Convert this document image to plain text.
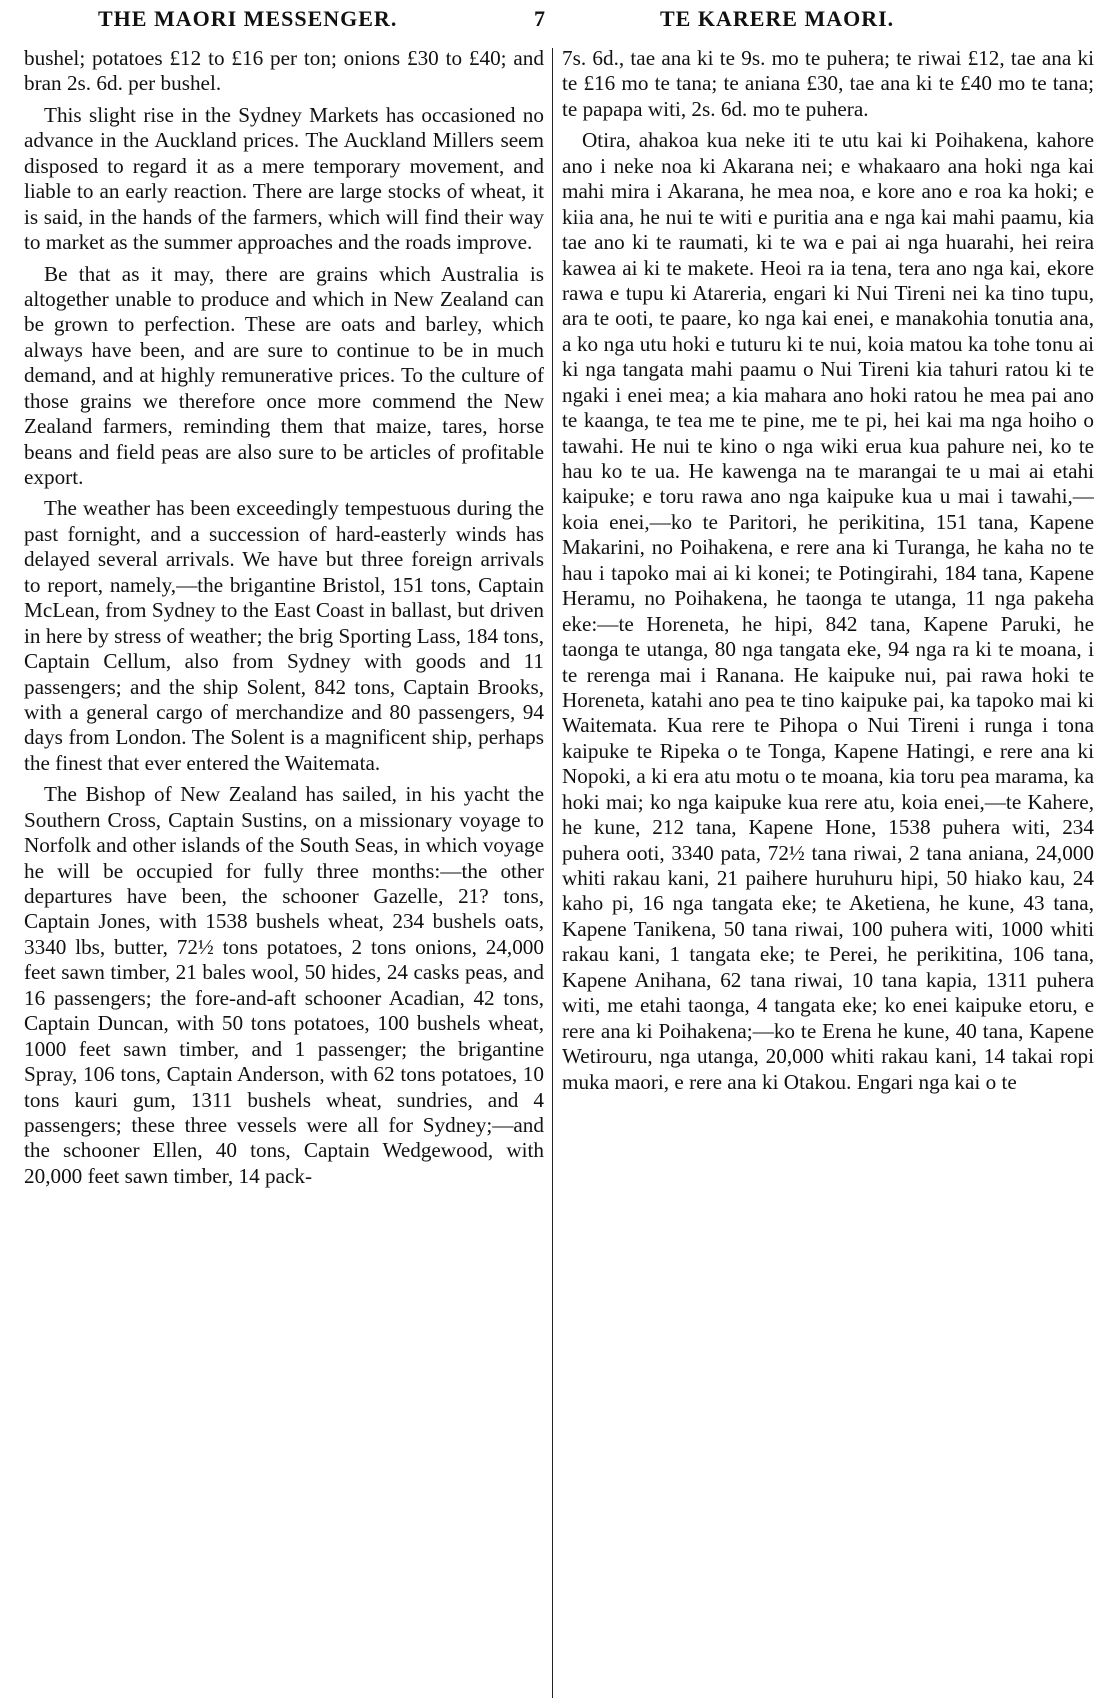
THE MAORI MESSENGER.	7	TE KARERE MAORI.

bushel; potatoes £12 to £16 per ton; onions £30 to £40; and bran 2s. 6d. per bushel.

This slight rise in the Sydney Markets has occasioned no advance in the Auckland prices. The Auckland Millers seem disposed to regard it as a mere temporary movement, and liable to an early reaction. There are large stocks of wheat, it is said, in the hands of the farmers, which will find their way to market as the summer approaches and the roads improve.

Be that as it may, there are grains which Australia is altogether unable to produce and which in New Zealand can be grown to perfection. These are oats and barley, which always have been, and are sure to continue to be in much demand, and at highly remunerative prices. To the culture of those grains we therefore once more commend the New Zealand farmers, reminding them that maize, tares, horse beans and field peas are also sure to be articles of profitable export.

The weather has been exceedingly tempestuous during the past fornight, and a succession of hard-easterly winds has delayed several arrivals. We have but three foreign arrivals to report, namely,—the brigantine Bristol, 151 tons, Captain McLean, from Sydney to the East Coast in ballast, but driven in here by stress of weather; the brig Sporting Lass, 184 tons, Captain Cellum, also from Sydney with goods and 11 passengers; and the ship Solent, 842 tons, Captain Brooks, with a general cargo of merchandize and 80 passengers, 94 days from London. The Solent is a magnificent ship, perhaps the finest that ever entered the Waitemata.

The Bishop of New Zealand has sailed, in his yacht the Southern Cross, Captain Sustins, on a missionary voyage to Norfolk and other islands of the South Seas, in which voyage he will be occupied for fully three months:—the other departures have been, the schooner Gazelle, 21? tons, Captain Jones, with 1538 bushels wheat, 234 bushels oats, 3340 lbs, butter, 72½ tons potatoes, 2 tons onions, 24,000 feet sawn timber, 21 bales wool, 50 hides, 24 casks peas, and 16 passengers; the fore-and-aft schooner Acadian, 42 tons, Captain Duncan, with 50 tons potatoes, 100 bushels wheat, 1000 feet sawn timber, and 1 passenger; the brigantine Spray, 106 tons, Captain Anderson, with 62 tons potatoes, 10 tons kauri gum, 1311 bushels wheat, sundries, and 4 passengers; these three vessels were all for Sydney;—and the schooner Ellen, 40 tons, Captain Wedgewood, with 20,000 feet sawn timber, 14 pack-

7s. 6d., tae ana ki te 9s. mo te puhera; te riwai £12, tae ana ki te £16 mo te tana; te aniana £30, tae ana ki te £40 mo te tana; te papapa witi, 2s. 6d. mo te puhera.

Otira, ahakoa kua neke iti te utu kai ki Poihakena, kahore ano i neke noa ki Akarana nei; e whakaaro ana hoki nga kai mahi mira i Akarana, he mea noa, e kore ano e roa ka hoki; e kiia ana, he nui te witi e puritia ana e nga kai mahi paamu, kia tae ano ki te raumati, ki te wa e pai ai nga huarahi, hei reira kawea ai ki te makete. Heoi ra ia tena, tera ano nga kai, ekore rawa e tupu ki Atareria, engari ki Nui Tireni nei ka tino tupu, ara te ooti, te paare, ko nga kai enei, e manakohia tonutia ana, a ko nga utu hoki e tuturu ki te nui, koia matou ka tohe tonu ai ki nga tangata mahi paamu o Nui Tireni kia tahuri ratou ki te ngaki i enei mea; a kia mahara ano hoki ratou he mea pai ano te kaanga, te tea me te pine, me te pi, hei kai ma nga hoiho o tawahi. He nui te kino o nga wiki erua kua pahure nei, ko te hau ko te ua. He kawenga na te marangai te u mai ai etahi kaipuke; e toru rawa ano nga kaipuke kua u mai i tawahi,—koia enei,—ko te Paritori, he perikitina, 151 tana, Kapene Makarini, no Poihakena, e rere ana ki Turanga, he kaha no te hau i tapoko mai ai ki konei; te Potingirahi, 184 tana, Kapene Heramu, no Poihakena, he taonga te utanga, 11 nga pakeha eke:—te Horeneta, he hipi, 842 tana, Kapene Paruki, he taonga te utanga, 80 nga tangata eke, 94 nga ra ki te moana, i te rerenga mai i Ranana. He kaipuke nui, pai rawa hoki te Horeneta, katahi ano pea te tino kaipuke pai, ka tapoko mai ki Waitemata. Kua rere te Pihopa o Nui Tireni i runga i tona kaipuke te Ripeka o te Tonga, Kapene Hatingi, e rere ana ki Nopoki, a ki era atu motu o te moana, kia toru pea marama, ka hoki mai; ko nga kaipuke kua rere atu, koia enei,—te Kahere, he kune, 212 tana, Kapene Hone, 1538 puhera witi, 234 puhera ooti, 3340 pata, 72½ tana riwai, 2 tana aniana, 24,000 whiti rakau kani, 21 paihere huruhuru hipi, 50 hiako kau, 24 kaho pi, 16 nga tangata eke; te Aketiena, he kune, 43 tana, Kapene Tanikena, 50 tana riwai, 100 puhera witi, 1000 whiti rakau kani, 1 tangata eke; te Perei, he perikitina, 106 tana, Kapene Anihana, 62 tana riwai, 10 tana kapia, 1311 puhera witi, me etahi taonga, 4 tangata eke; ko enei kaipuke etoru, e rere ana ki Poihakena;—ko te Erena he kune, 40 tana, Kapene Wetirouru, nga utanga, 20,000 whiti rakau kani, 14 takai ropi muka maori, e rere ana ki Otakou. Engari nga kai o te
